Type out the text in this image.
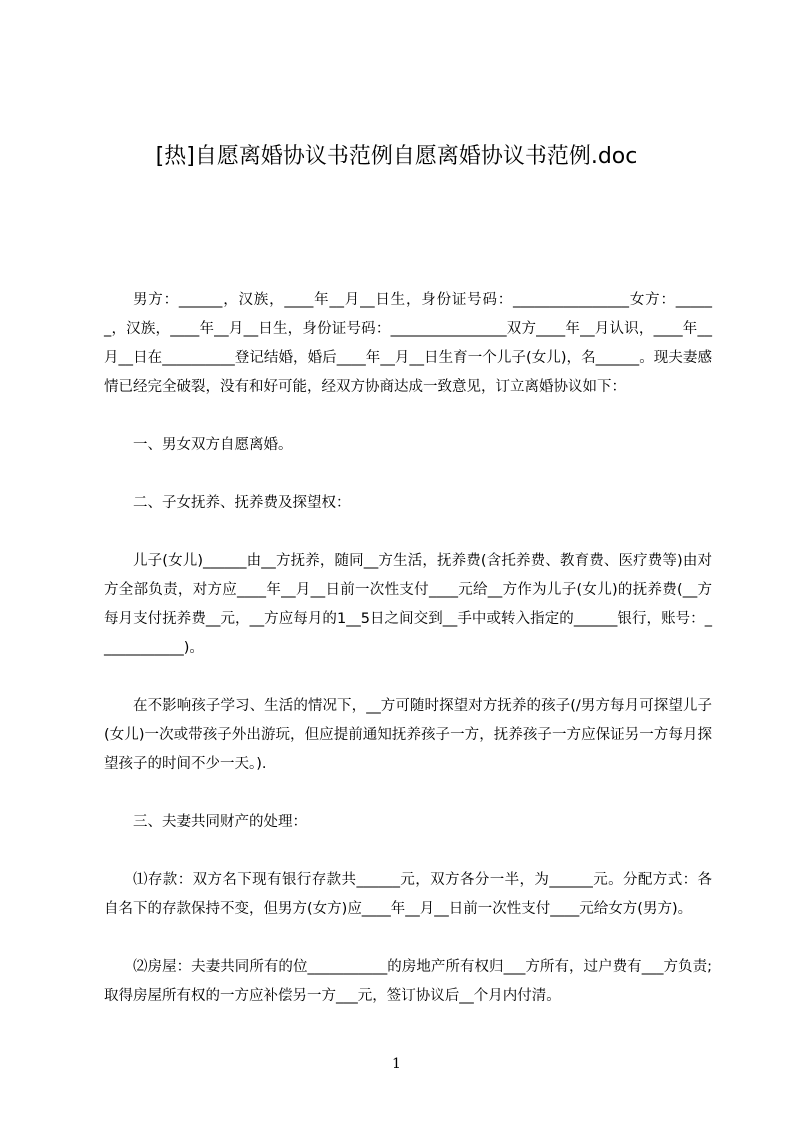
[热]自愿离婚协议书范例自愿离婚协议书范例.doc

男方：______，汉族，____年__月__日生，身份证号码：________________女方：______，汉族，____年__月__日生，身份证号码：________________双方____年__月认识，____年__月__日在__________登记结婚，婚后____年__月__日生育一个儿子(女儿)，名______。现夫妻感情已经完全破裂，没有和好可能，经双方协商达成一致意见，订立离婚协议如下：

一、男女双方自愿离婚。

二、子女抚养、抚养费及探望权：

儿子(女儿)______由__方抚养，随同__方生活，抚养费(含托养费、教育费、医疗费等)由对方全部负责，对方应____年__月__日前一次性支付____元给__方作为儿子(女儿)的抚养费(__方每月支付抚养费__元，__方应每月的1__5日之间交到__手中或转入指定的______银行，账号：____________)。

在不影响孩子学习、生活的情况下，__方可随时探望对方抚养的孩子(/男方每月可探望儿子(女儿)一次或带孩子外出游玩，但应提前通知抚养孩子一方，抚养孩子一方应保证另一方每月探望孩子的时间不少一天。).

三、夫妻共同财产的处理：

⑴存款：双方名下现有银行存款共______元，双方各分一半，为______元。分配方式：各自名下的存款保持不变，但男方(女方)应____年__月__日前一次性支付____元给女方(男方)。

⑵房屋：夫妻共同所有的位___________的房地产所有权归___方所有，过户费有___方负责;取得房屋所有权的一方应补偿另一方___元，签订协议后__个月内付清。

1
